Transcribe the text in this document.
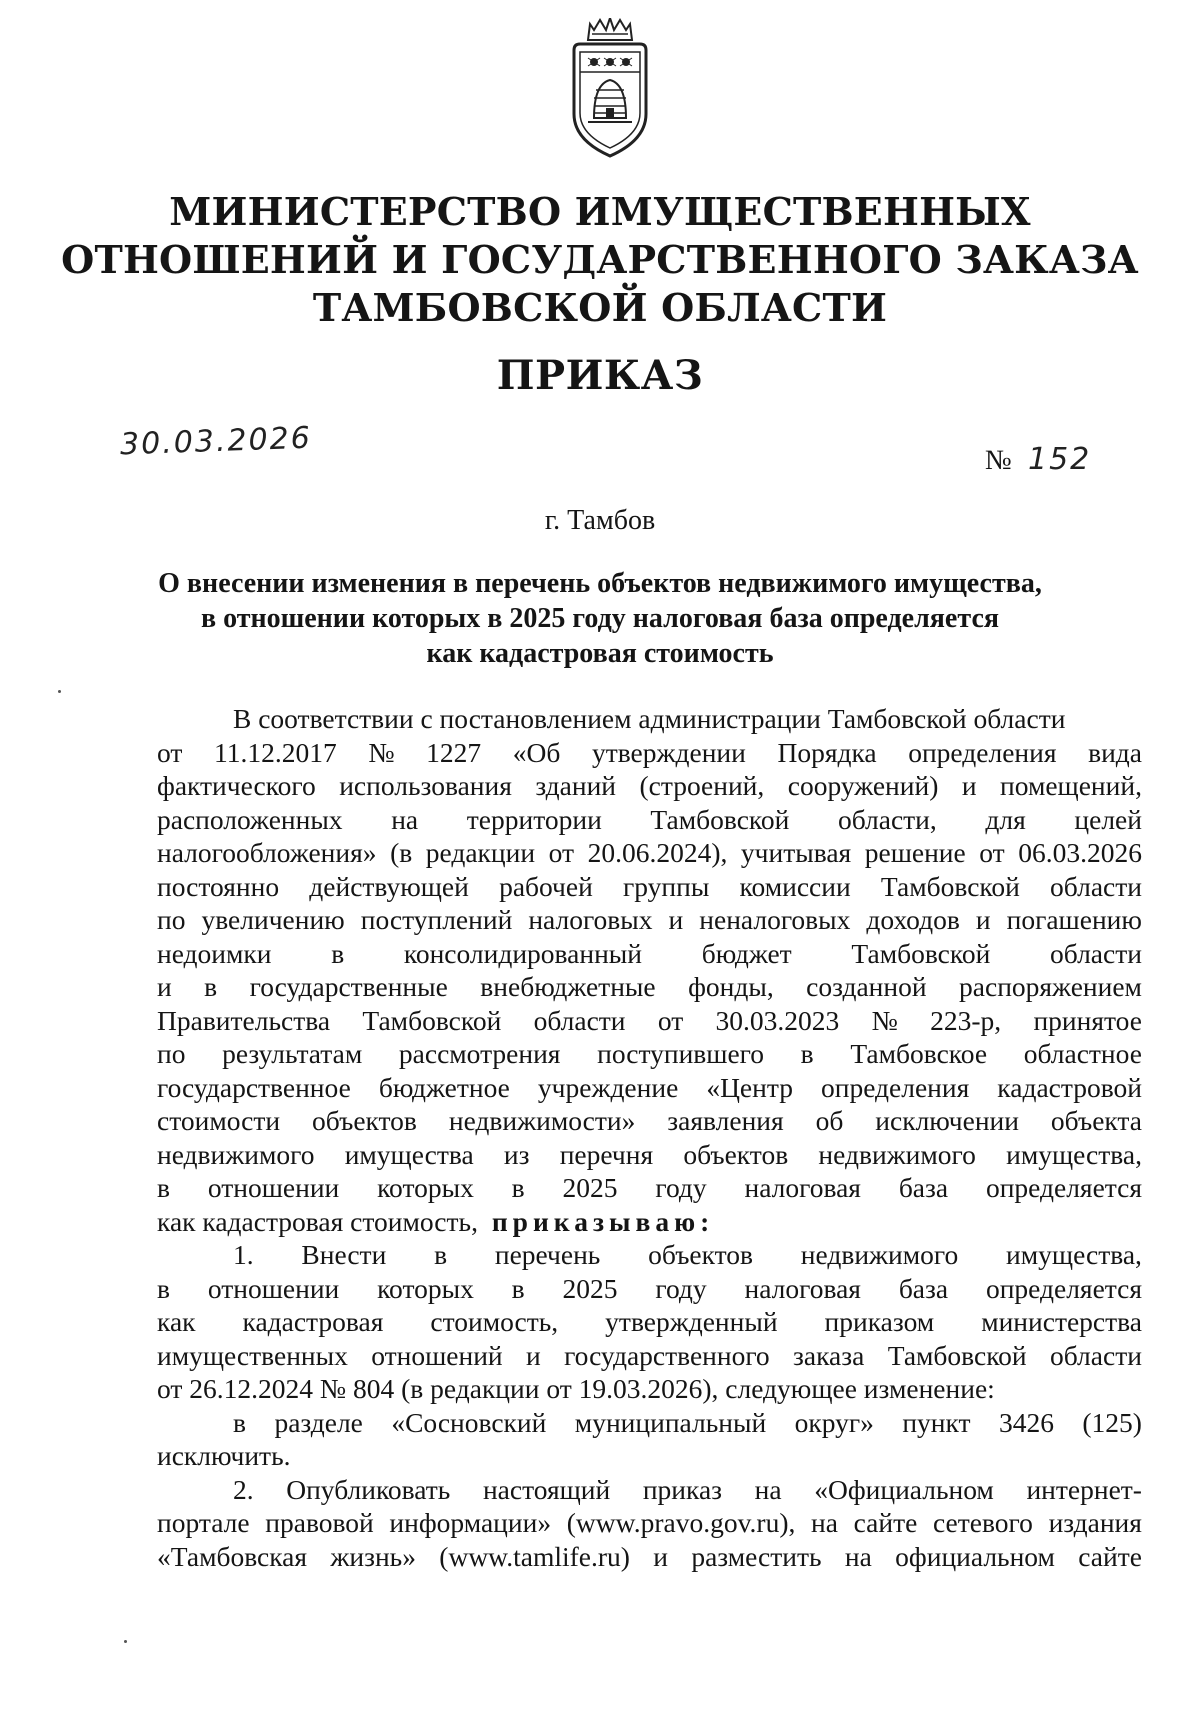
МИНИСТЕРСТВО ИМУЩЕСТВЕННЫХ
ОТНОШЕНИЙ И ГОСУДАРСТВЕННОГО ЗАКАЗА
ТАМБОВСКОЙ ОБЛАСТИ
ПРИКАЗ
30.03.2026	№ 152
г. Тамбов
О внесении изменения в перечень объектов недвижимого имущества,
в отношении которых в 2025 году налоговая база определяется
как кадастровая стоимость
В соответствии с постановлением администрации Тамбовской области
от 11.12.2017 № 1227 «Об утверждении Порядка определения вида
фактического использования зданий (строений, сооружений) и помещений,
расположенных на территории Тамбовской области, для целей
налогообложения» (в редакции от 20.06.2024), учитывая решение от 06.03.2026
постоянно действующей рабочей группы комиссии Тамбовской области
по увеличению поступлений налоговых и неналоговых доходов и погашению
недоимки в консолидированный бюджет Тамбовской области
и в государственные внебюджетные фонды, созданной распоряжением
Правительства Тамбовской области от 30.03.2023 № 223-р, принятое
по результатам рассмотрения поступившего в Тамбовское областное
государственное бюджетное учреждение «Центр определения кадастровой
стоимости объектов недвижимости» заявления об исключении объекта
недвижимого имущества из перечня объектов недвижимого имущества,
в отношении которых в 2025 году налоговая база определяется
как кадастровая стоимость, приказываю:
1. Внести в перечень объектов недвижимого имущества,
в отношении которых в 2025 году налоговая база определяется
как кадастровая стоимость, утвержденный приказом министерства
имущественных отношений и государственного заказа Тамбовской области
от 26.12.2024 № 804 (в редакции от 19.03.2026), следующее изменение:
в разделе «Сосновский муниципальный округ» пункт 3426 (125)
исключить.
2. Опубликовать настоящий приказ на «Официальном интернет-
портале правовой информации» (www.pravo.gov.ru), на сайте сетевого издания
«Тамбовская жизнь» (www.tamlife.ru) и разместить на официальном сайте
